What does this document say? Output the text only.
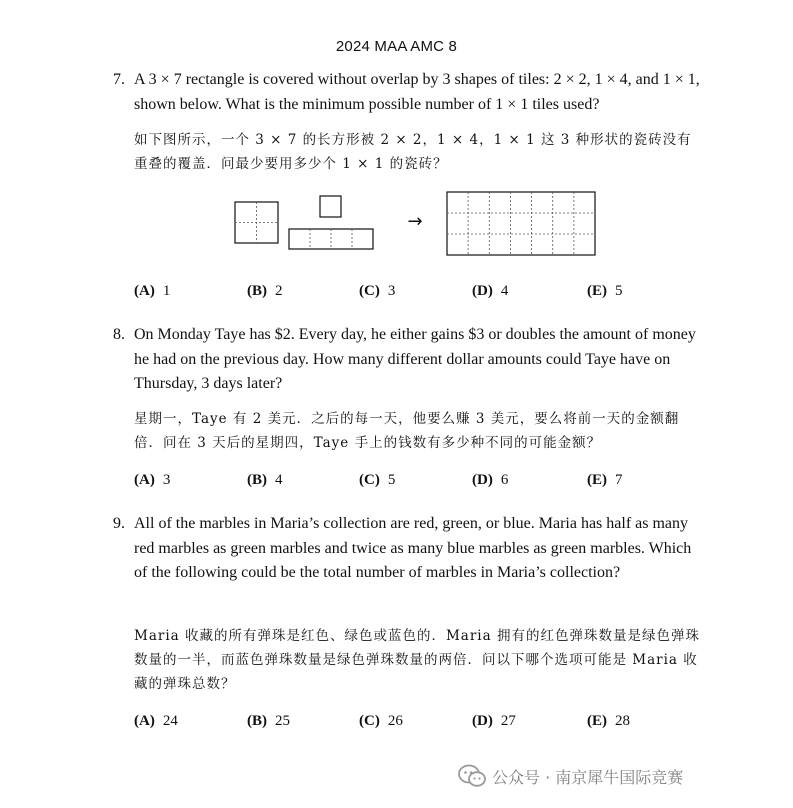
2024 MAA AMC 8
7. A 3 × 7 rectangle is covered without overlap by 3 shapes of tiles: 2 × 2, 1 × 4, and 1 × 1, shown below. What is the minimum possible number of 1 × 1 tiles used?
如下图所示，一个 3 × 7 的长方形被 2 × 2，1 × 4，1 × 1 这 3 种形状的瓷砖没有重叠的覆盖．问最少要用多少个 1 × 1 的瓷砖？
(A) 1	(B) 2	(C) 3	(D) 4	(E) 5
→
8. On Monday Taye has $2. Every day, he either gains $3 or doubles the amount of money he had on the previous day. How many different dollar amounts could Taye have on Thursday, 3 days later?
星期一，Taye 有 2 美元．之后的每一天，他要么赚 3 美元，要么将前一天的金额翻倍．问在 3 天后的星期四，Taye 手上的钱数有多少种不同的可能金额？
(A) 3	(B) 4	(C) 5	(D) 6	(E) 7
9. All of the marbles in Maria’s collection are red, green, or blue. Maria has half as many red marbles as green marbles and twice as many blue marbles as green marbles. Which of the following could be the total number of marbles in Maria’s collection?
Maria 收藏的所有弹珠是红色、绿色或蓝色的．Maria 拥有的红色弹珠数量是绿色弹珠数量的一半，而蓝色弹珠数量是绿色弹珠数量的两倍．问以下哪个选项可能是 Maria 收藏的弹珠总数？
(A) 24	(B) 25	(C) 26	(D) 27	(E) 28
公众号 · 南京犀牛国际竞赛
